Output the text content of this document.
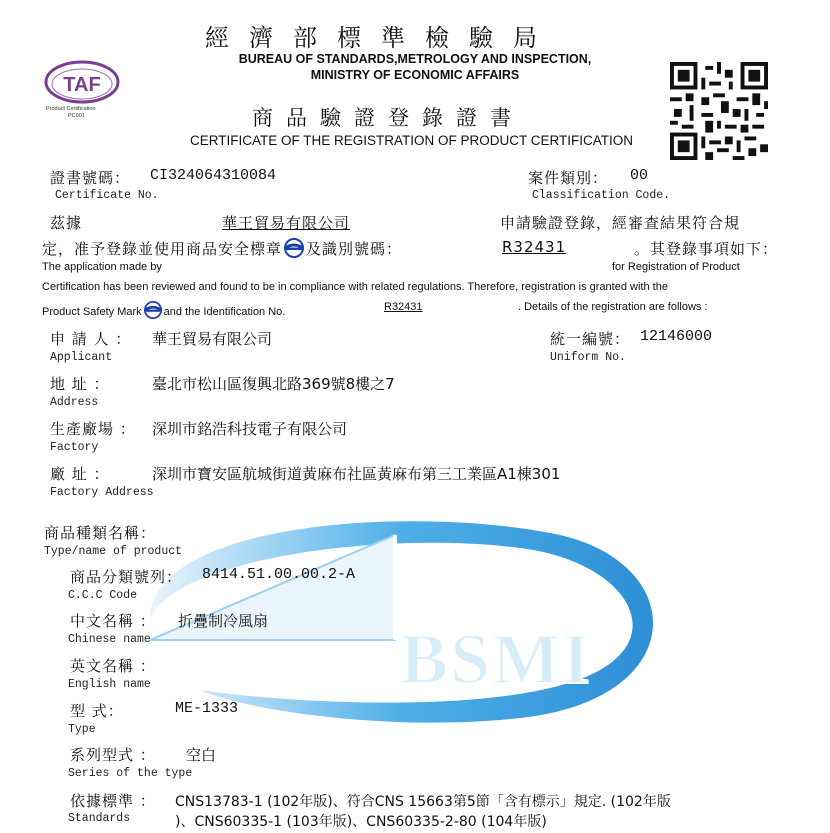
BSMI
TAF
Product Certification
PC001
經濟部標準檢驗局
BUREAU OF STANDARDS,METROLOGY AND INSPECTION,
MINISTRY OF ECONOMIC AFFAIRS
商品驗證登錄證書
CERTIFICATE OF THE REGISTRATION OF PRODUCT CERTIFICATION
證書號碼： CI324064310084
Certificate No.
案件類別： 00
Classification Code.
茲據	華王貿易有限公司	申請驗證登錄，經審查結果符合規
定，准予登錄並使用商品安全標章 及識別號碼：	R32431	。其登錄事項如下：
The application made by	for Registration of Product
Certification has been reviewed and found to be in compliance with related regulations. Therefore, registration is granted with the
Product Safety Mark and the Identification No.	R32431	. Details of the registration are follows :
申 請 人 ： 華王貿易有限公司
Applicant
統一編號： 12146000
Uniform No.
地 址 ：	臺北市松山區復興北路369號8樓之7
Address
生產廠場 ： 深圳市銘浩科技電子有限公司
Factory
廠 址 ：	深圳市寶安區航城街道黃麻布社區黃麻布第三工業區A1棟301
Factory Address
商品種類名稱：
Type/name of product
商品分類號列： 8414.51.00.00.2-A
C.C.C Code
中文名稱 ： 折疊制冷風扇
Chinese name
英文名稱 ：
English name
型 式：	ME-1333
Type
系列型式 ： 空白
Series of the type
依據標準 ：
Standards
CNS13783-1 (102年版)、符合CNS 15663第5節「含有標示」規定. (102年版
)、CNS60335-1 (103年版)、CNS60335-2-80 (104年版)
